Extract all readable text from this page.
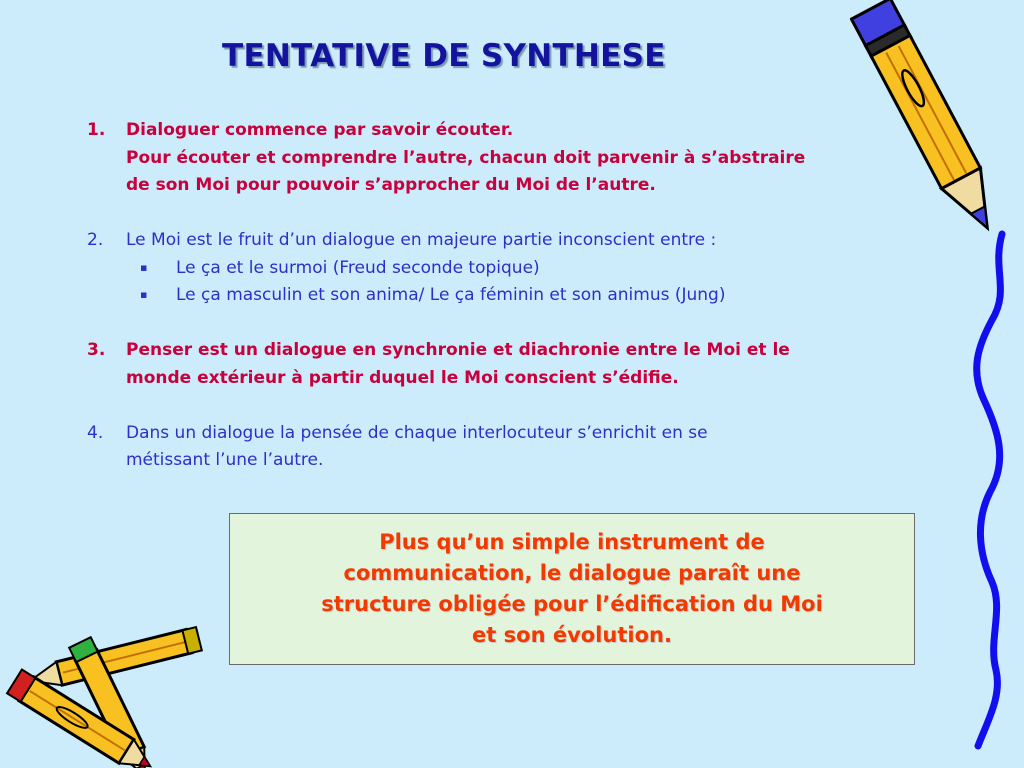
TENTATIVE DE SYNTHESE
1. Dialoguer commence par savoir écouter.
Pour écouter et comprendre l’autre, chacun doit parvenir à s’abstraire
de son Moi pour pouvoir s’approcher du Moi de l’autre.
2. Le Moi est le fruit d’un dialogue en majeure partie inconscient entre :
▪ Le ça et le surmoi (Freud seconde topique)
▪ Le ça masculin et son anima/ Le ça féminin et son animus (Jung)
3. Penser est un dialogue en synchronie et diachronie entre le Moi et le
monde extérieur à partir duquel le Moi conscient s’édifie.
4. Dans un dialogue la pensée de chaque interlocuteur s’enrichit en se
métissant l’une l’autre.
Plus qu’un simple instrument de
communication, le dialogue paraît une
structure obligée pour l’édification du Moi
et son évolution.
